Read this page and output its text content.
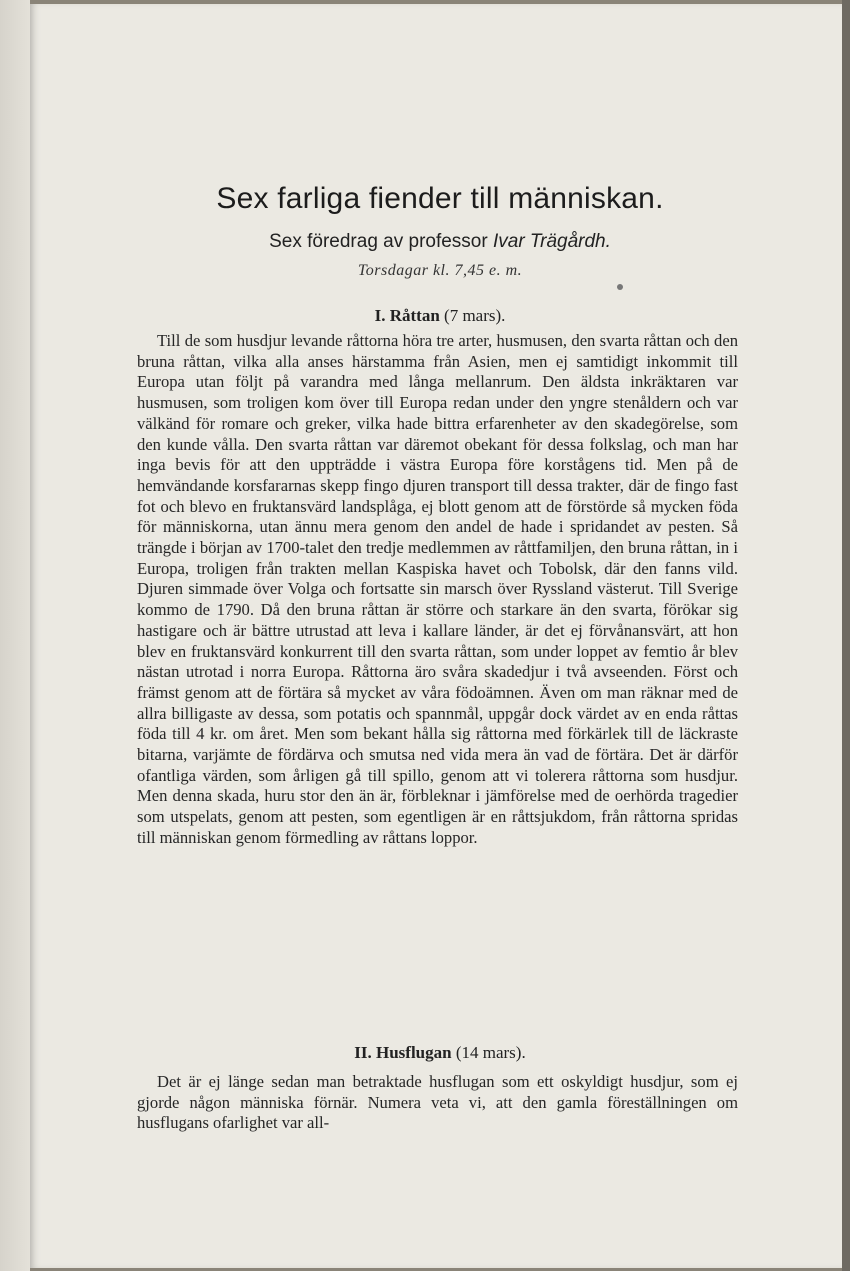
Sex farliga fiender till människan.
Sex föredrag av professor Ivar Trägårdh.
Torsdagar kl. 7,45 e. m.
I. Råttan (7 mars).

Till de som husdjur levande råttorna höra tre arter, husmusen, den svarta råttan och den bruna råttan, vilka alla anses härstamma från Asien, men ej samtidigt inkommit till Europa utan följt på varandra med långa mellanrum. Den äldsta inkräktaren var husmusen, som troligen kom över till Europa redan under den yngre stenåldern och var välkänd för romare och greker, vilka hade bittra erfarenheter av den skadegörelse, som den kunde vålla. Den svarta råttan var däremot obekant för dessa folkslag, och man har inga bevis för att den uppträdde i västra Europa före korstågens tid. Men på de hemvändande korsfararnas skepp fingo djuren transport till dessa trakter, där de fingo fast fot och blevo en fruktansvärd landsplåga, ej blott genom att de förstörde så mycken föda för människorna, utan ännu mera genom den andel de hade i spridandet av pesten. Så trängde i början av 1700-talet den tredje medlemmen av råttfamiljen, den bruna råttan, in i Europa, troligen från trakten mellan Kaspiska havet och Tobolsk, där den fanns vild. Djuren simmade över Volga och fortsatte sin marsch över Ryssland västerut. Till Sverige kommo de 1790. Då den bruna råttan är större och starkare än den svarta, förökar sig hastigare och är bättre utrustad att leva i kallare länder, är det ej förvånansvärt, att hon blev en fruktansvärd konkurrent till den svarta råttan, som under loppet av femtio år blev nästan utrotad i norra Europa. Råttorna äro svåra skadedjur i två avseenden. Först och främst genom att de förtära så mycket av våra födoämnen. Även om man räknar med de allra billigaste av dessa, som potatis och spannmål, uppgår dock värdet av en enda råttas föda till 4 kr. om året. Men som bekant hålla sig råttorna med förkärlek till de läckraste bitarna, varjämte de fördärva och smutsa ned vida mera än vad de förtära. Det är därför ofantliga värden, som årligen gå till spillo, genom att vi tolerera råttorna som husdjur. Men denna skada, huru stor den än är, förbleknar i jämförelse med de oerhörda tragedier som utspelats, genom att pesten, som egentligen är en råttsjukdom, från råttorna spridas till människan genom förmedling av råttans loppor.

II. Husflugan (14 mars).

Det är ej länge sedan man betraktade husflugan som ett oskyldigt husdjur, som ej gjorde någon människa förnär. Numera veta vi, att den gamla föreställningen om husflugans ofarlighet var all-
